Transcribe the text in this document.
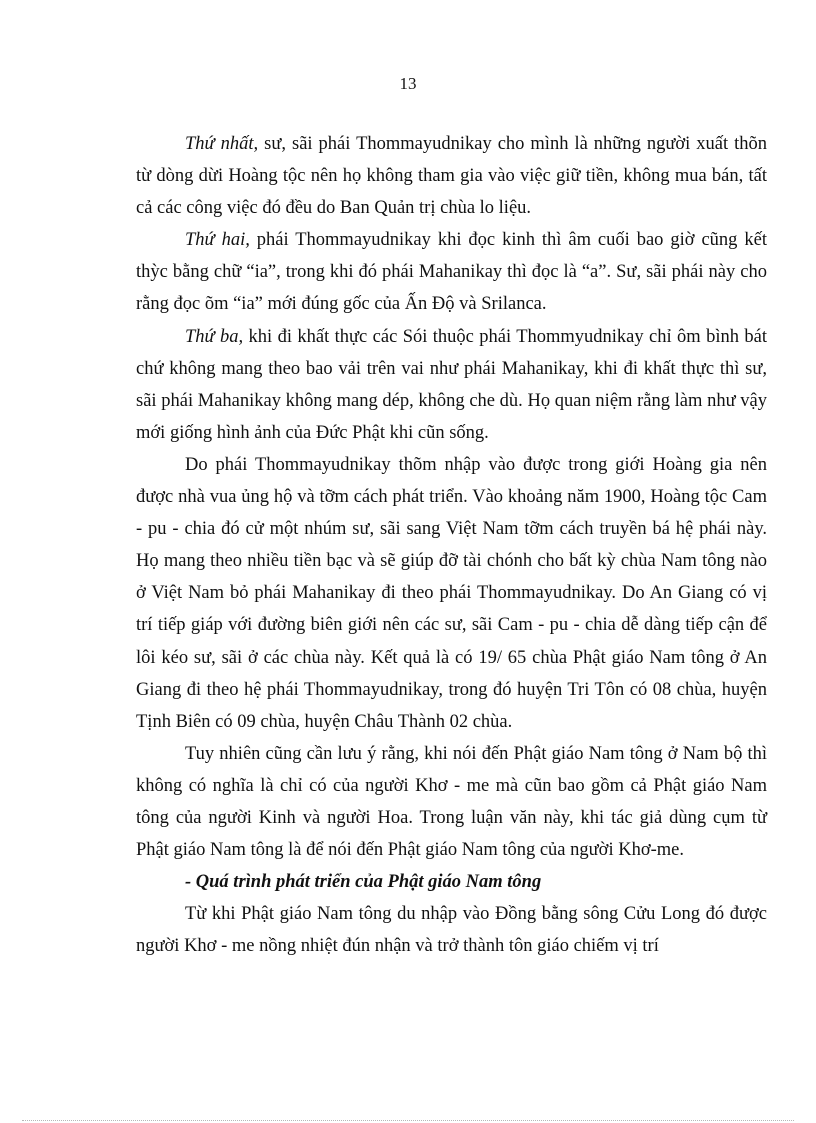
13

Thứ nhất, sư, sãi phái Thommayudnikay cho mình là những người xuất thõn từ dòng dừi Hoàng tộc nên họ không tham gia vào việc giữ tiền, không mua bán, tất cả các công việc đó đều do Ban Quản trị chùa lo liệu.

Thứ hai, phái Thommayudnikay khi đọc kinh thì âm cuối bao giờ cũng kết thỳc bằng chữ “ia”, trong khi đó phái Mahanikay thì đọc là “a”. Sư, sãi phái này cho rằng đọc õm “ia” mới đúng gốc của Ấn Độ và Srilanca.

Thứ ba, khi đi khất thực các Sói thuộc phái Thommyudnikay chỉ ôm bình bát chứ không mang theo bao vải trên vai như phái Mahanikay, khi đi khất thực thì sư, sãi phái Mahanikay không mang dép, không che dù. Họ quan niệm rằng làm như vậy mới giống hình ảnh của Đức Phật khi cũn sống.

Do phái Thommayudnikay thõm nhập vào được trong giới Hoàng gia nên được nhà vua ủng hộ và tỡm cách phát triển. Vào khoảng năm 1900, Hoàng tộc Cam - pu - chia đó cử một nhúm sư, sãi sang Việt Nam tỡm cách truyền bá hệ phái này. Họ mang theo nhiều tiền bạc và sẽ giúp đỡ tài chónh cho bất kỳ chùa Nam tông nào ở Việt Nam bỏ phái Mahanikay đi theo phái Thommayudnikay. Do An Giang có vị trí tiếp giáp với đường biên giới nên các sư, sãi Cam - pu - chia dễ dàng tiếp cận để lôi kéo sư, sãi ở các chùa này. Kết quả là có 19/ 65 chùa Phật giáo Nam tông ở An Giang đi theo hệ phái Thommayudnikay, trong đó huyện Tri Tôn có 08 chùa, huyện Tịnh Biên có 09 chùa, huyện Châu Thành 02 chùa.

Tuy nhiên cũng cần lưu ý rằng, khi nói đến Phật giáo Nam tông ở Nam bộ thì không có nghĩa là chỉ có của người Khơ - me mà cũn bao gồm cả Phật giáo Nam tông của người Kinh và người Hoa. Trong luận văn này, khi tác giả dùng cụm từ Phật giáo Nam tông là để nói đến Phật giáo Nam tông của người Khơ-me.

- Quá trình phát triển của Phật giáo Nam tông

Từ khi Phật giáo Nam tông du nhập vào Đồng bằng sông Cửu Long đó được người Khơ - me nồng nhiệt đún nhận và trở thành tôn giáo chiếm vị trí
